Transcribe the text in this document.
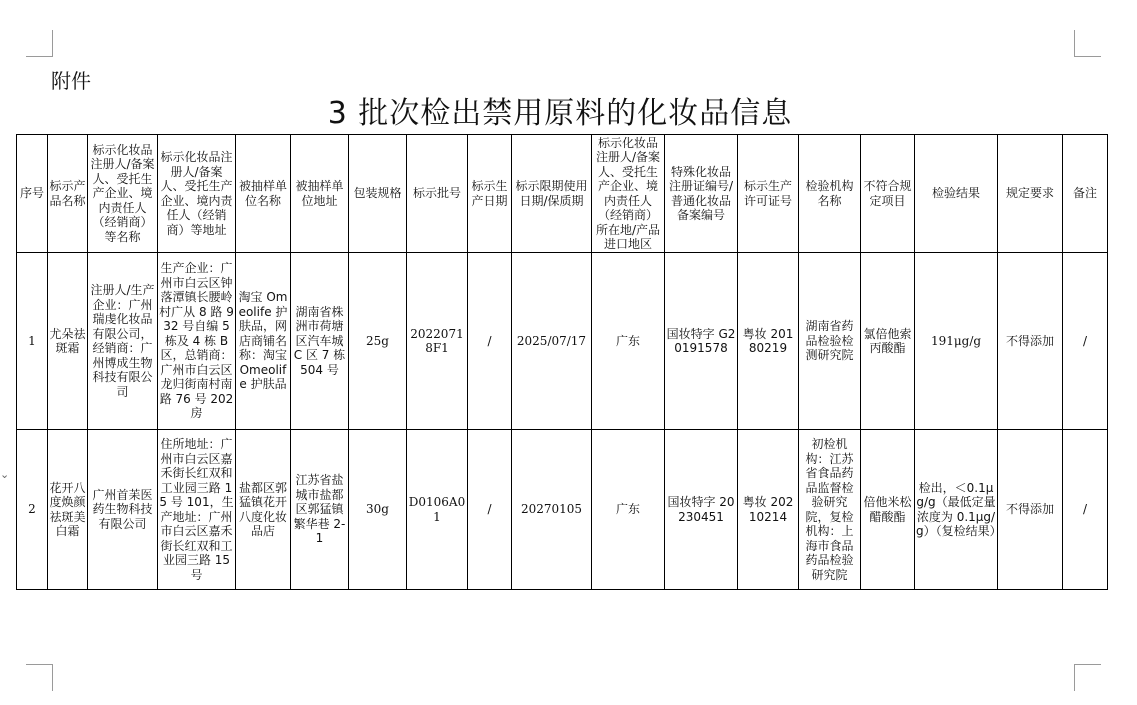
⌄
附件
3 批次检出禁用原料的化妆品信息
序号	标示产品名称	标示化妆品注册人/备案人、受托生产企业、境内责任人（经销商）等名称	标示化妆品注册人/备案人、受托生产企业、境内责任人（经销商）等地址	被抽样单位名称	被抽样单位地址	包装规格	标示批号	标示生产日期	标示限期使用日期/保质期	标示化妆品注册人/备案人、受托生产企业、境内责任人（经销商）所在地/产品进口地区	特殊化妆品注册证编号/普通化妆品备案编号	标示生产许可证号	检验机构名称	不符合规定项目	检验结果	规定要求	备注
1	尤朵祛斑霜	注册人/生产企业：广州瑞虔化妆品有限公司，经销商：广州博成生物科技有限公司	生产企业：广州市白云区钟落潭镇长腰岭村广从 8 路 932 号自编 5 栋及 4 栋 B 区，总销商：广州市白云区龙归街南村南路 76 号 202 房	淘宝 Omeolife 护肤品，网店商铺名称：淘宝 Omeolife 护肤品	湖南省株洲市荷塘区汽车城 C 区 7 栋 504 号	25g	20220718F1	/	2025/07/17	广东	国妆特字 G20191578	粤妆 20180219	湖南省药品检验检测研究院	氯倍他索丙酸酯	191μg/g	不得添加	/
2	花开八度焕颜祛斑美白霜	广州首苿医药生物科技有限公司	住所地址：广州市白云区嘉禾街长红双和工业园三路 15 号 101，生产地址：广州市白云区嘉禾街长红双和工业园三路 15 号	盐都区郭猛镇花开八度化妆品店	江苏省盐城市盐都区郭猛镇繁华巷 2-1	30g	D0106A01	/	20270105	广东	国妆特字 20230451	粤妆 20210214	初检机构：江苏省食品药品监督检验研究院，复检机构：上海市食品药品检验研究院	倍他米松醋酸酯	检出，＜0.1μg/g（最低定量浓度为 0.1μg/g）（复检结果）	不得添加	/
